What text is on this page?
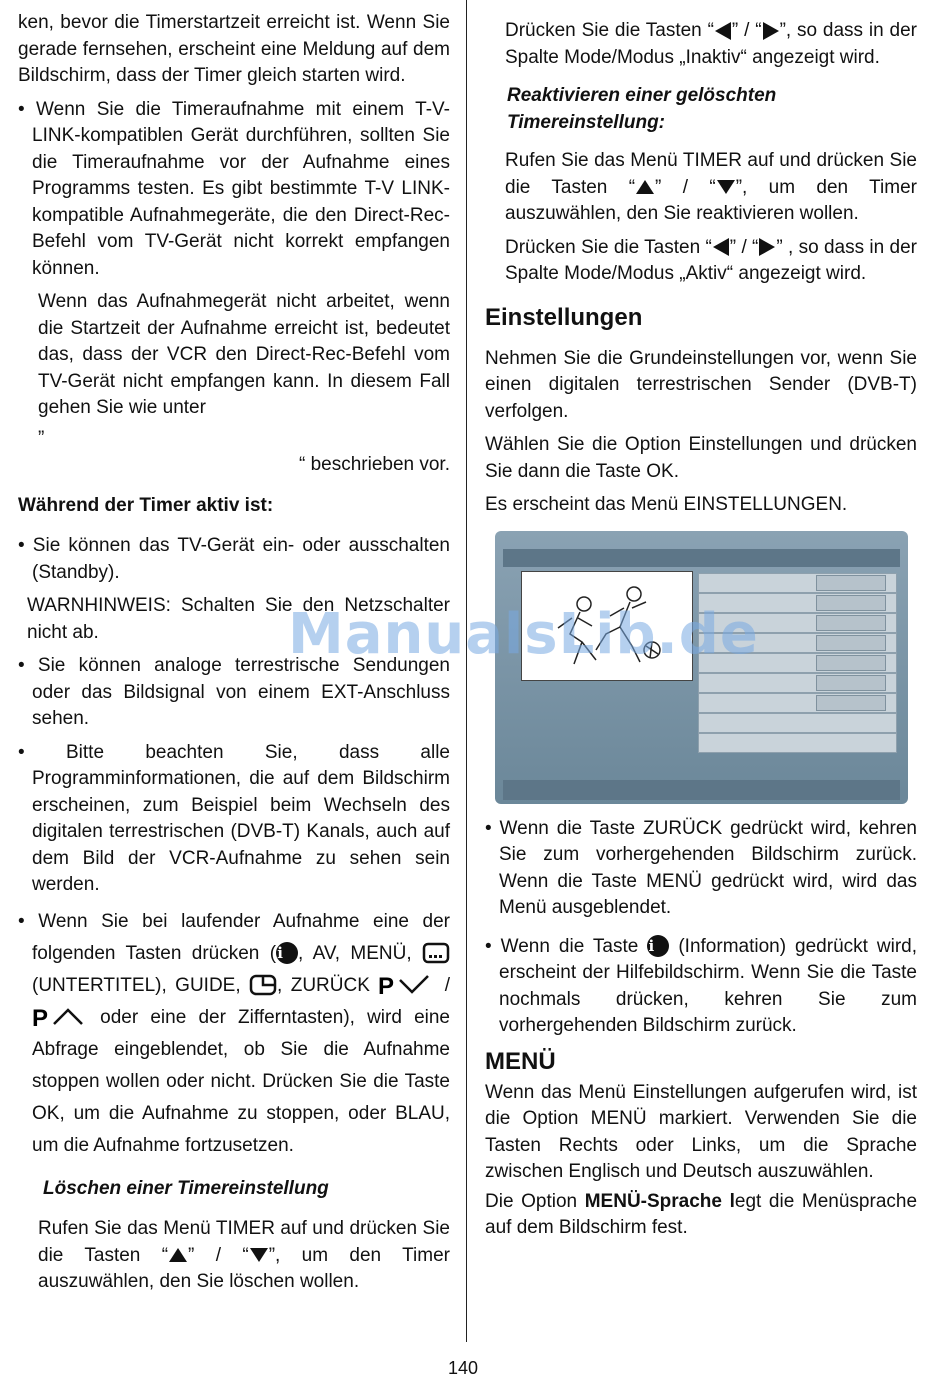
ken, bevor die Timerstartzeit erreicht ist. Wenn Sie gerade fernsehen, erscheint eine Meldung auf dem Bildschirm, dass der Timer gleich starten wird.

• Wenn Sie die Timeraufnahme mit einem T-V-LINK-kompatiblen Gerät durchführen, sollten Sie die Timeraufnahme vor der Aufnahme eines Programms testen. Es gibt bestimmte T-V LINK-kompatible Aufnahmegeräte, die den Direct-Rec-Befehl vom TV-Gerät nicht korrekt empfangen können.

Wenn das Aufnahmegerät nicht arbeitet, wenn die Startzeit der Aufnahme erreicht ist, bedeutet das, dass der VCR den Direct-Rec-Befehl vom TV-Gerät nicht empfangen kann. In diesem Fall gehen Sie wie unter

”

“ beschrieben vor.

Während der Timer aktiv ist:

• Sie können das TV-Gerät ein- oder ausschalten (Standby).

WARNHINWEIS: Schalten Sie den Netzschalter nicht ab.

• Sie können analoge terrestrische Sendungen oder das Bildsignal von einem EXT-Anschluss sehen.

• Bitte beachten Sie, dass alle Programminformationen, die auf dem Bildschirm erscheinen, zum Beispiel beim Wechseln des digitalen terrestrischen (DVB-T) Kanals, auch auf dem Bild der VCR-Aufnahme zu sehen sein werden.

• Wenn Sie bei laufender Aufnahme eine der folgenden Tasten drücken (i , AV, MENÜ,  (UNTERTITEL), GUIDE, , ZURÜCK P	/
P	oder eine der Zifferntasten), wird eine Abfrage eingeblendet, ob Sie die Aufnahme stoppen wollen oder nicht. Drücken Sie die Taste OK, um die Aufnahme zu stoppen, oder BLAU, um die Aufnahme fortzusetzen.

Löschen einer Timereinstellung

Rufen Sie das Menü TIMER auf und drücken Sie die Tasten “ ” / “ ”, um den Timer auszuwählen, den Sie löschen wollen.

Drücken Sie die Tasten “ ” / “ ”, so dass in der Spalte Mode/Modus „Inaktiv“ angezeigt wird.

Reaktivieren einer gelöschten Timereinstellung:

Rufen Sie das Menü TIMER auf und drücken Sie die Tasten “ ” / “ ”, um den Timer auszuwählen, den Sie reaktivieren wollen.

Drücken Sie die Tasten “ ” / “ ” , so dass in der Spalte Mode/Modus „Aktiv“ angezeigt wird.

Einstellungen

Nehmen Sie die Grundeinstellungen vor, wenn Sie einen digitalen terrestrischen Sender (DVB-T) verfolgen.

Wählen Sie die Option Einstellungen und drücken Sie dann die Taste OK.

Es erscheint das Menü EINSTELLUNGEN.

• Wenn die Taste ZURÜCK gedrückt wird, kehren Sie zum vorhergehenden Bildschirm zurück. Wenn die Taste MENÜ gedrückt wird, wird das Menü ausgeblendet.

• Wenn die Taste i (Information) gedrückt wird, erscheint der Hilfebildschirm. Wenn Sie die Taste nochmals drücken, kehren Sie zum vorhergehenden Bildschirm zurück.

MENÜ

Wenn das Menü Einstellungen aufgerufen wird, ist die Option MENÜ markiert. Verwenden Sie die Tasten Rechts oder Links, um die Sprache zwischen Englisch und Deutsch auszuwählen.

Die Option MENÜ-Sprache legt die Menüsprache auf dem Bildschirm fest.

ManualsLib.de
140
